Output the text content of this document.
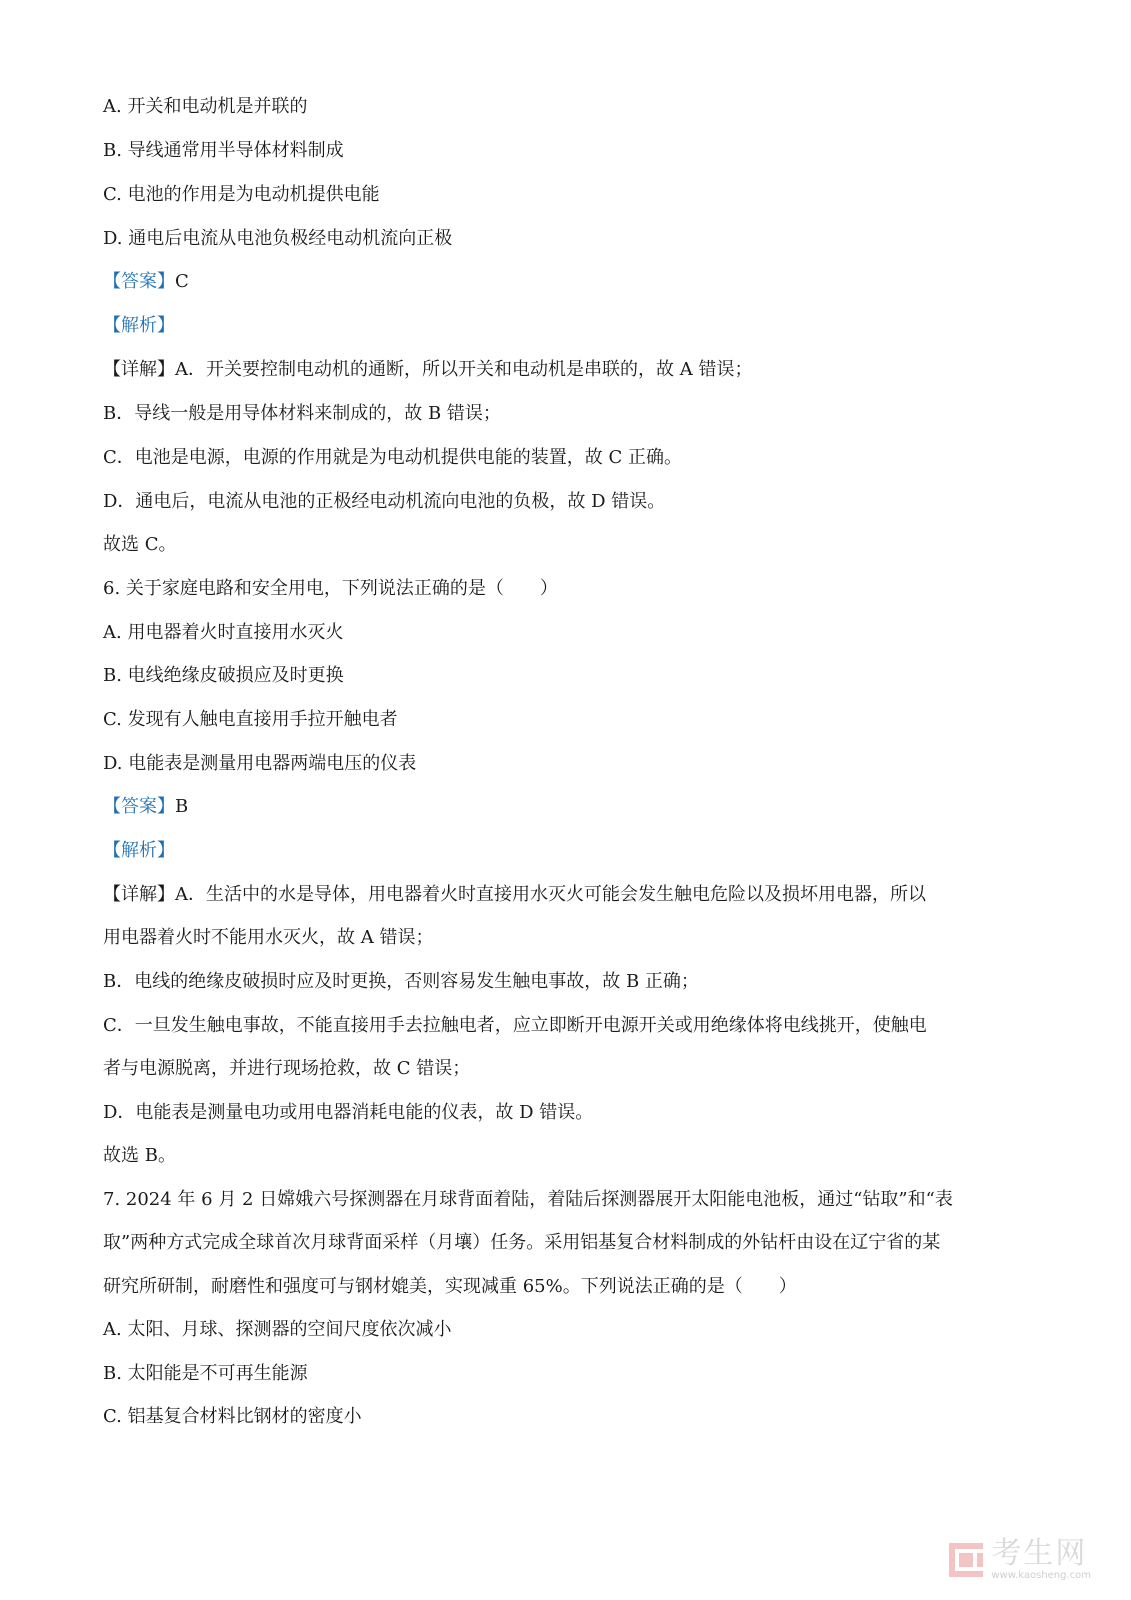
A. 开关和电动机是并联的
B. 导线通常用半导体材料制成
C. 电池的作用是为电动机提供电能
D. 通电后电流从电池负极经电动机流向正极
【答案】C
【解析】
【详解】A．开关要控制电动机的通断，所以开关和电动机是串联的，故 A 错误；
B．导线一般是用导体材料来制成的，故 B 错误；
C．电池是电源，电源的作用就是为电动机提供电能的装置，故 C 正确。
D．通电后，电流从电池的正极经电动机流向电池的负极，故 D 错误。
故选 C。
6. 关于家庭电路和安全用电，下列说法正确的是（　　）
A. 用电器着火时直接用水灭火
B. 电线绝缘皮破损应及时更换
C. 发现有人触电直接用手拉开触电者
D. 电能表是测量用电器两端电压的仪表
【答案】B
【解析】
【详解】A．生活中的水是导体，用电器着火时直接用水灭火可能会发生触电危险以及损坏用电器，所以
用电器着火时不能用水灭火，故 A 错误；
B．电线的绝缘皮破损时应及时更换，否则容易发生触电事故，故 B 正确；
C．一旦发生触电事故，不能直接用手去拉触电者，应立即断开电源开关或用绝缘体将电线挑开，使触电
者与电源脱离，并进行现场抢救，故 C 错误；
D．电能表是测量电功或用电器消耗电能的仪表，故 D 错误。
故选 B。
7. 2024 年 6 月 2 日嫦娥六号探测器在月球背面着陆，着陆后探测器展开太阳能电池板，通过“钻取”和“表
取”两种方式完成全球首次月球背面采样（月壤）任务。采用铝基复合材料制成的外钻杆由设在辽宁省的某
研究所研制，耐磨性和强度可与钢材媲美，实现减重 65%。下列说法正确的是（　　）
A. 太阳、月球、探测器的空间尺度依次减小
B. 太阳能是不可再生能源
C. 铝基复合材料比钢材的密度小
考生网
www.kaosheng.com
